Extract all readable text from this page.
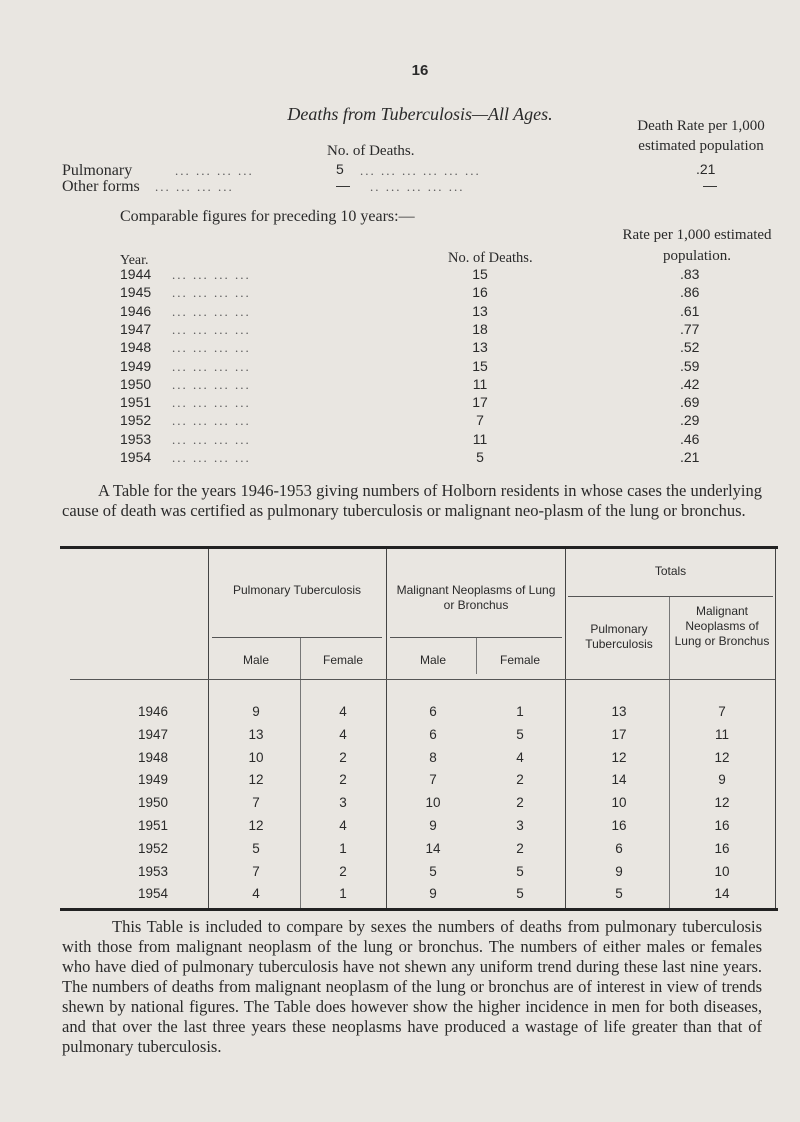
16
Deaths from Tuberculosis—All Ages.
No. of Deaths.
Death Rate per 1,000 estimated population
Pulmonary	... ... ... ...	5 ... ... ... ... ... ...	.21
Other forms ... ... ... ...	— .. ... ... ... ...	—
Comparable figures for preceding 10 years:—
Rate per 1,000 estimated population.
Year.	No. of Deaths.
1944 ... ... ... ...	15	.83
1945 ... ... ... ...	16	.86
1946 ... ... ... ...	13	.61
1947 ... ... ... ...	18	.77
1948 ... ... ... ...	13	.52
1949 ... ... ... ...	15	.59
1950 ... ... ... ...	11	.42
1951 ... ... ... ...	17	.69
1952 ... ... ... ...	7	.29
1953 ... ... ... ...	11	.46
1954 ... ... ... ...	5	.21
A Table for the years 1946-1953 giving numbers of Holborn residents in whose cases the underlying cause of death was certified as pulmonary tuberculosis or malignant neo-plasm of the lung or bronchus.
Pulmonary Tuberculosis	Malignant Neoplasms of Lung or Bronchus
Totals
Male	Female	Male	Female
Pulmonary Tuberculosis
Malignant Neoplasms of Lung or Bronchus
1946	9	4	6	1	13	7
1947	13	4	6	5	17	11
1948	10	2	8	4	12	12
1949	12	2	7	2	14	9
1950	7	3	10	2	10	12
1951	12	4	9	3	16	16
1952	5	1	14	2	6	16
1953	7	2	5	5	9	10
1954	4	1	9	5	5	14
This Table is included to compare by sexes the numbers of deaths from pulmonary tuberculosis with those from malignant neoplasm of the lung or bronchus. The numbers of either males or females who have died of pulmonary tuberculosis have not shewn any uniform trend during these last nine years. The numbers of deaths from malignant neoplasm of the lung or bronchus are of interest in view of trends shewn by national figures. The Table does however show the higher incidence in men for both diseases, and that over the last three years these neoplasms have produced a wastage of life greater than that of pulmonary tuberculosis.
